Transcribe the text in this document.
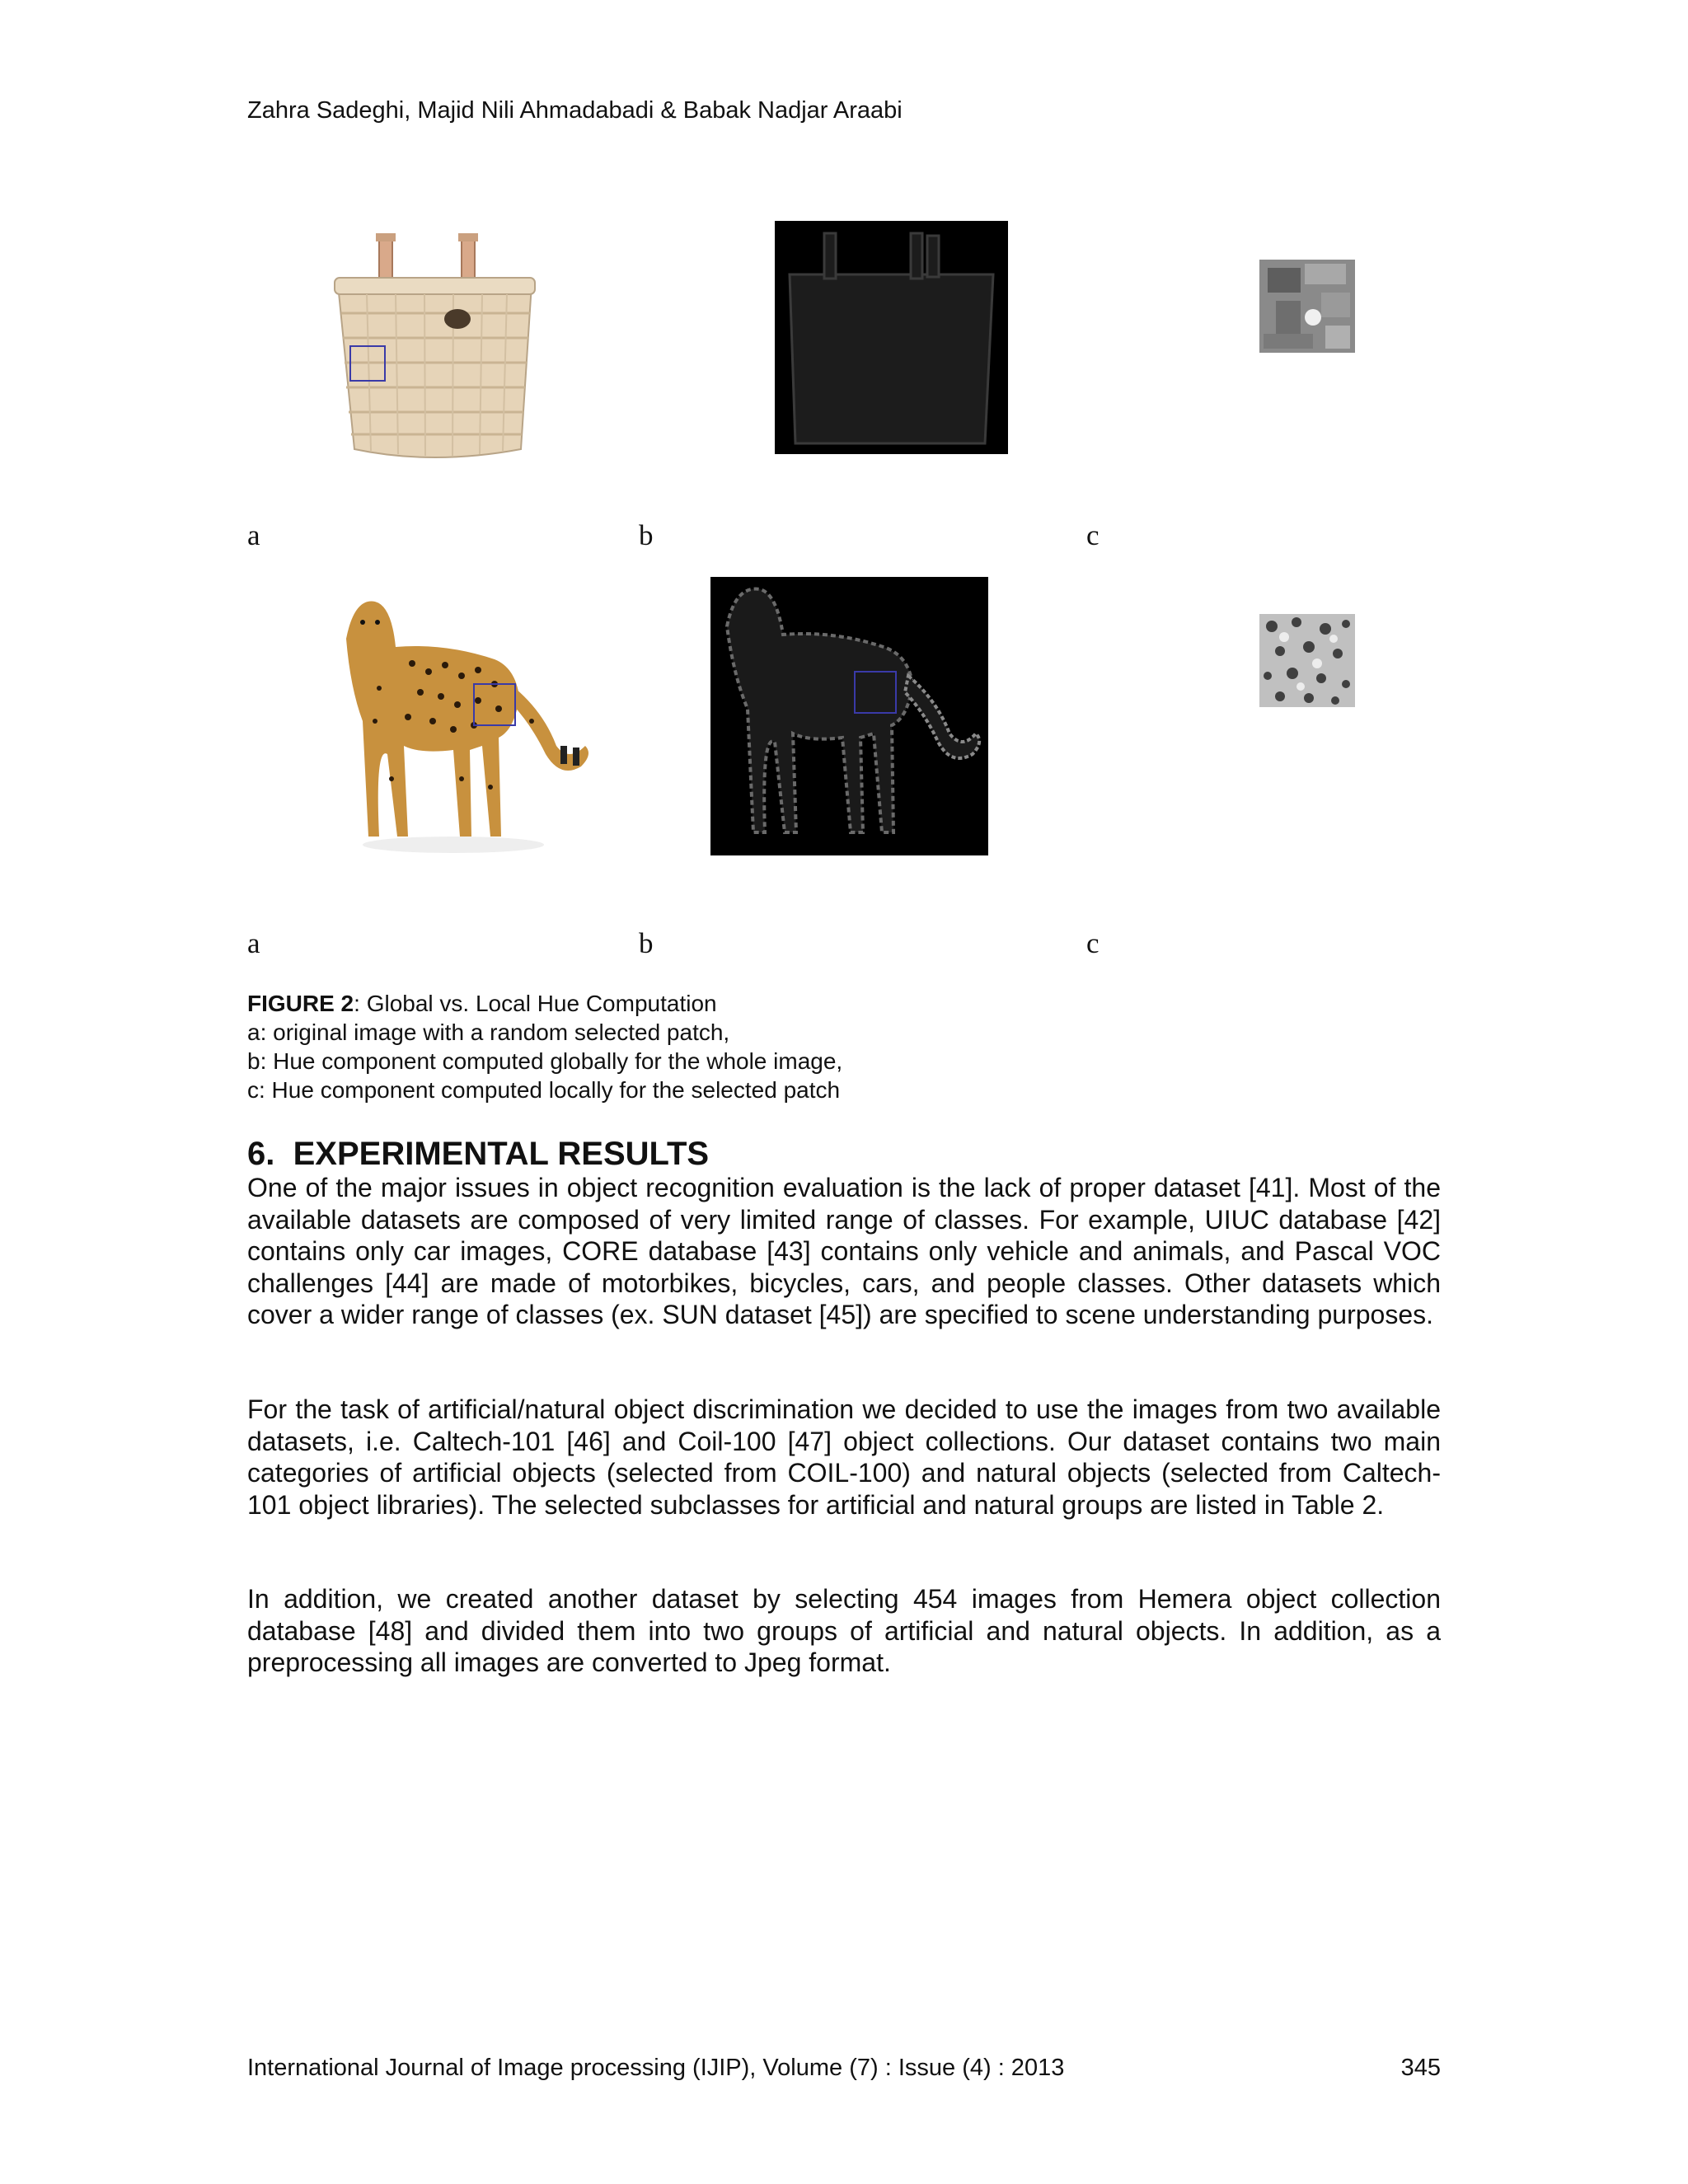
Zahra Sadeghi, Majid Nili Ahmadabadi & Babak Nadjar Araabi
a	b	c
a	b	c
FIGURE 2: Global vs. Local Hue Computation
a: original image with a random selected patch,
b: Hue component computed globally for the whole image,
c: Hue component computed locally for the selected patch
6. EXPERIMENTAL RESULTS

One of the major issues in object recognition evaluation is the lack of proper dataset [41]. Most of the available datasets are composed of very limited range of classes. For example, UIUC database [42] contains only car images, CORE database [43] contains only vehicle and animals, and Pascal VOC challenges [44] are made of motorbikes, bicycles, cars, and people classes. Other datasets which cover a wider range of classes (ex. SUN dataset [45]) are specified to scene understanding purposes.

For the task of artificial/natural object discrimination we decided to use the images from two available datasets, i.e. Caltech-101 [46] and Coil-100 [47] object collections. Our dataset contains two main categories of artificial objects (selected from COIL-100) and natural objects (selected from Caltech-101 object libraries). The selected subclasses for artificial and natural groups are listed in Table 2.

In addition, we created another dataset by selecting 454 images from Hemera object collection database [48] and divided them into two groups of artificial and natural objects. In addition, as a preprocessing all images are converted to Jpeg format.

International Journal of Image processing (IJIP), Volume (7) : Issue (4) : 2013	345
